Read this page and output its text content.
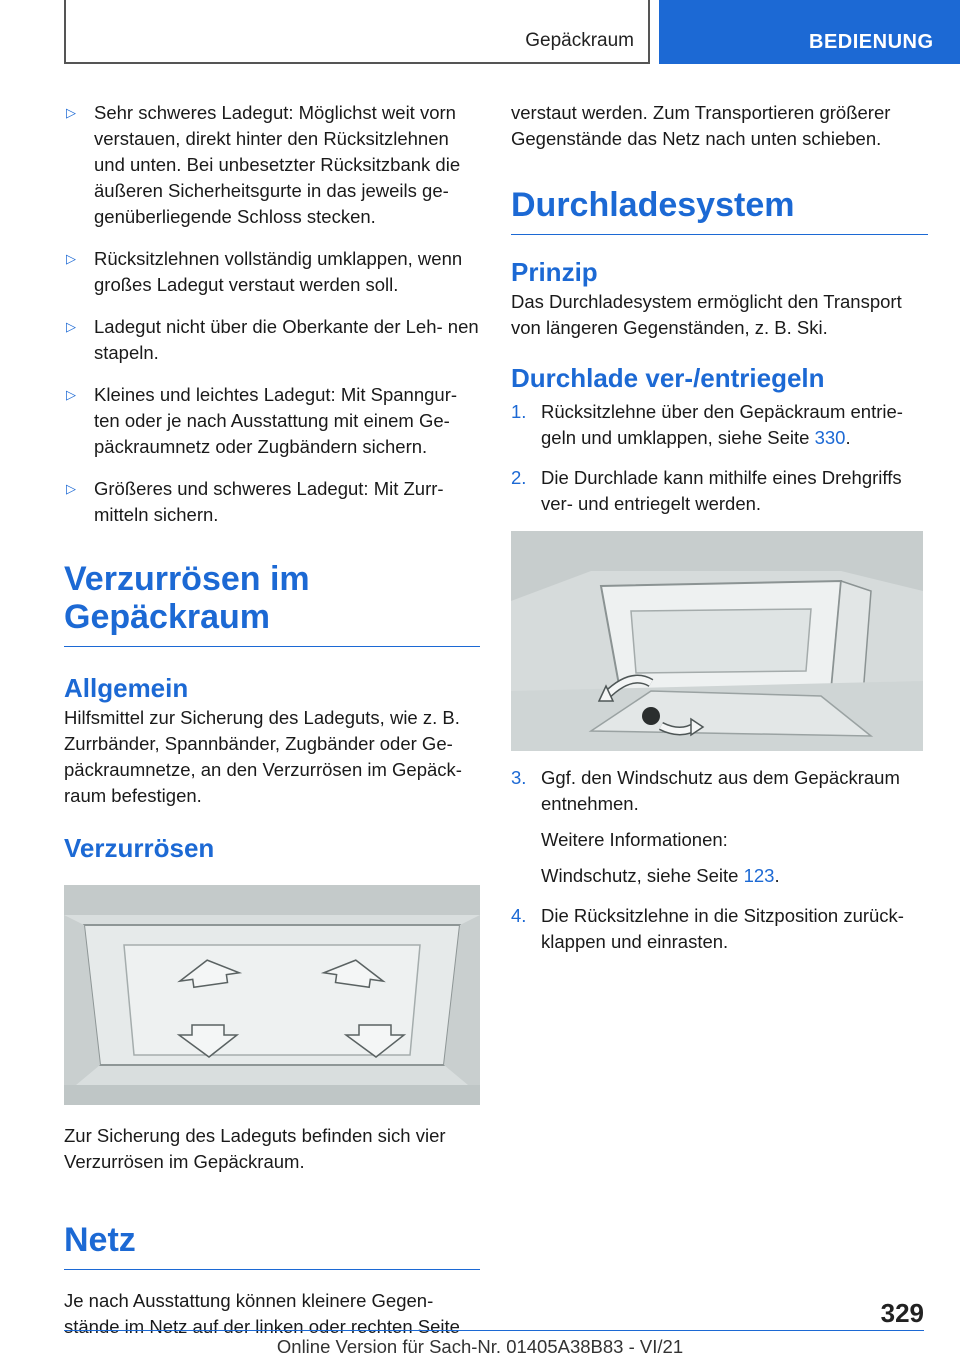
Gepäckraum	BEDIENUNG
▷ Sehr schweres Ladegut: Möglichst weit vorn verstauen, direkt hinter den Rücksitzlehnen und unten. Bei unbesetzter Rücksitzbank die äußeren Sicherheitsgurte in das jeweils ge‐ genüberliegende Schloss stecken.
▷ Rücksitzlehnen vollständig umklappen, wenn großes Ladegut verstaut werden soll.
▷ Ladegut nicht über die Oberkante der Leh‐ nen stapeln.
▷ Kleines und leichtes Ladegut: Mit Spanngur‐ ten oder je nach Ausstattung mit einem Ge‐ päckraumnetz oder Zugbändern sichern.
▷ Größeres und schweres Ladegut: Mit Zurr‐ mitteln sichern.
Verzurrösen im
Gepäckraum
Allgemein

Hilfsmittel zur Sicherung des Ladeguts, wie z. B. Zurrbänder, Spannbänder, Zugbänder oder Ge‐ päckraumnetze, an den Verzurrösen im Gepäck‐ raum befestigen.

Verzurrösen

Zur Sicherung des Ladeguts befinden sich vier Verzurrösen im Gepäckraum.

Netz

Je nach Ausstattung können kleinere Gegen‐ stände im Netz auf der linken oder rechten Seite

verstaut werden. Zum Transportieren größerer Gegenstände das Netz nach unten schieben.

Durchladesystem
Prinzip

Das Durchladesystem ermöglicht den Transport von längeren Gegenständen, z. B. Ski.

Durchlade ver-/entriegeln
1. Rücksitzlehne über den Gepäckraum entrie‐ geln und umklappen, siehe Seite 330.
2. Die Durchlade kann mithilfe eines Drehgriffs ver- und entriegelt werden.
3. Ggf. den Windschutz aus dem Gepäckraum entnehmen.
Weitere Informationen:
Windschutz, siehe Seite 123.
4. Die Rücksitzlehne in die Sitzposition zurück‐ klappen und einrasten.
329
Online Version für Sach-Nr. 01405A38B83 - VI/21
